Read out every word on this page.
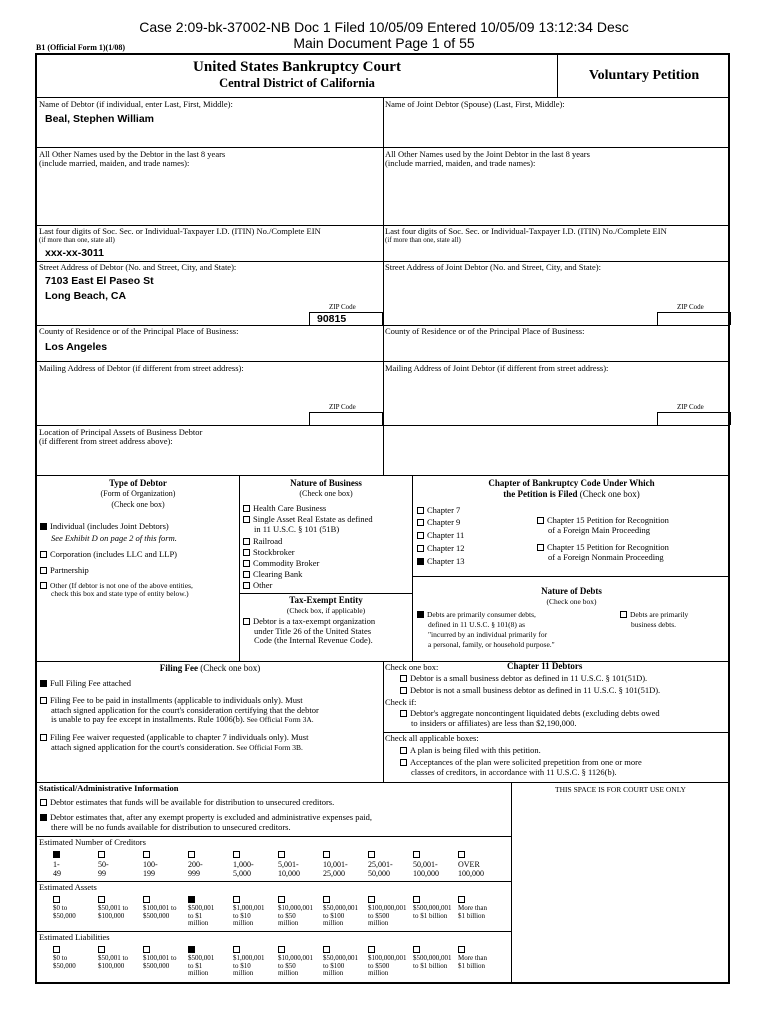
Case 2:09-bk-37002-NB Doc 1 Filed 10/05/09 Entered 10/05/09 13:12:34 Desc
Main Document Page 1 of 55
B1 (Official Form 1)(1/08)
United States Bankruptcy Court
Central District of California	Voluntary Petition
Name of Debtor (if individual, enter Last, First, Middle):
Beal, Stephen William
Name of Joint Debtor (Spouse) (Last, First, Middle):
All Other Names used by the Debtor in the last 8 years
(include married, maiden, and trade names):
All Other Names used by the Joint Debtor in the last 8 years
(include married, maiden, and trade names):
Last four digits of Soc. Sec. or Individual-Taxpayer I.D. (ITIN) No./Complete EIN
(if more than one, state all)
xxx-xx-3011
Last four digits of Soc. Sec. or Individual-Taxpayer I.D. (ITIN) No./Complete EIN
(if more than one, state all)
Street Address of Debtor (No. and Street, City, and State):
7103 East El Paseo St
Long Beach, CA
ZIP Code
90815
Street Address of Joint Debtor (No. and Street, City, and State):
ZIP Code
County of Residence or of the Principal Place of Business:
Los Angeles
County of Residence or of the Principal Place of Business:
Mailing Address of Debtor (if different from street address):
ZIP Code
Mailing Address of Joint Debtor (if different from street address):
ZIP Code
Location of Principal Assets of Business Debtor
(if different from street address above):
Type of Debtor
(Form of Organization)
(Check one box)
Individual (includes Joint Debtors)
See Exhibit D on page 2 of this form.
Corporation (includes LLC and LLP)
Partnership
Other (If debtor is not one of the above entities,
check this box and state type of entity below.)
Nature of Business
(Check one box)
Health Care Business
Single Asset Real Estate as defined
in 11 U.S.C. § 101 (51B)
Railroad
Stockbroker
Commodity Broker
Clearing Bank
Other
Tax-Exempt Entity
(Check box, if applicable)
Debtor is a tax-exempt organization
under Title 26 of the United States
Code (the Internal Revenue Code).
Chapter of Bankruptcy Code Under Which
the Petition is Filed (Check one box)
Chapter 7
Chapter 9
Chapter 11
Chapter 12
Chapter 13
Chapter 15 Petition for Recognition
of a Foreign Main Proceeding
Chapter 15 Petition for Recognition
of a Foreign Nonmain Proceeding
Nature of Debts
(Check one box)
Debts are primarily consumer debts,
defined in 11 U.S.C. § 101(8) as
"incurred by an individual primarily for
a personal, family, or household purpose."
Debts are primarily
business debts.
Filing Fee (Check one box)
Full Filing Fee attached
Filing Fee to be paid in installments (applicable to individuals only). Must
attach signed application for the court's consideration certifying that the debtor
is unable to pay fee except in installments. Rule 1006(b). See Official Form 3A.
Filing Fee waiver requested (applicable to chapter 7 individuals only). Must
attach signed application for the court's consideration. See Official Form 3B.
Check one box:	Chapter 11 Debtors
Debtor is a small business debtor as defined in 11 U.S.C. § 101(51D).
Debtor is not a small business debtor as defined in 11 U.S.C. § 101(51D).
Check if:
Debtor's aggregate noncontingent liquidated debts (excluding debts owed
to insiders or affiliates) are less than $2,190,000.
Check all applicable boxes:
A plan is being filed with this petition.
Acceptances of the plan were solicited prepetition from one or more
classes of creditors, in accordance with 11 U.S.C. § 1126(b).
Statistical/Administrative Information	THIS SPACE IS FOR COURT USE ONLY
Debtor estimates that funds will be available for distribution to unsecured creditors.
Debtor estimates that, after any exempt property is excluded and administrative expenses paid,
there will be no funds available for distribution to unsecured creditors.
Estimated Number of Creditors
1-
49
50-
99
100-
199
200-
999
1,000-
5,000
5,001-
10,000
10,001-
25,000
25,001-
50,000
50,001-
100,000
OVER
100,000
Estimated Assets
$0 to
$50,000
$50,001 to
$100,000
$100,001 to
$500,000
$500,001
to $1
million
$1,000,001
to $10
million
$10,000,001
to $50
million
$50,000,001
to $100
million
$100,000,001
to $500
million
$500,000,001
to $1 billion
More than
$1 billion
Estimated Liabilities
$0 to
$50,000
$50,001 to
$100,000
$100,001 to
$500,000
$500,001
to $1
million
$1,000,001
to $10
million
$10,000,001
to $50
million
$50,000,001
to $100
million
$100,000,001
to $500
million
$500,000,001
to $1 billion
More than
$1 billion
